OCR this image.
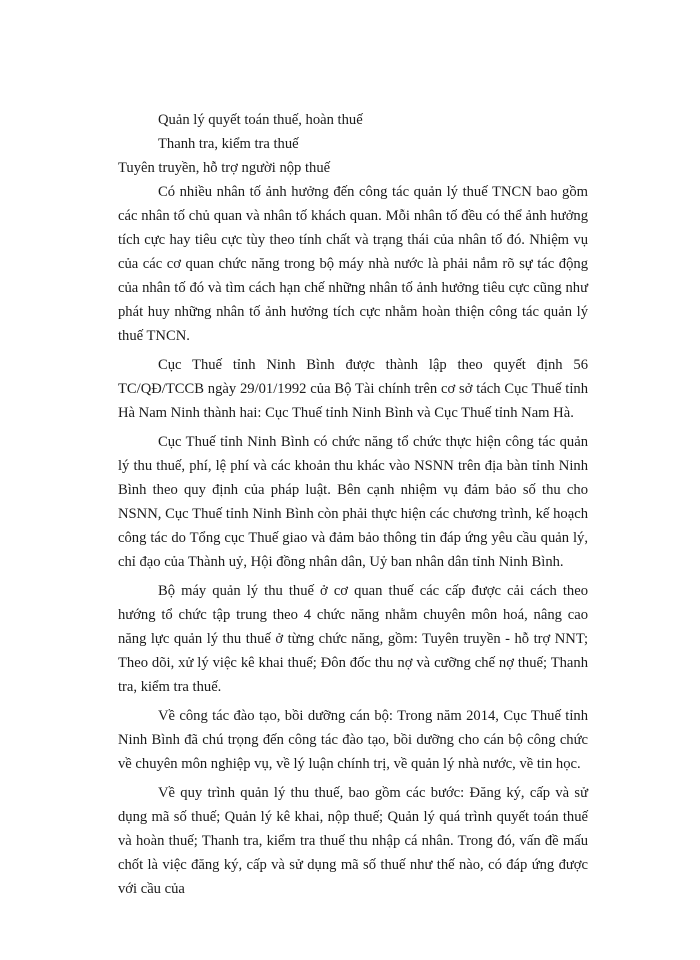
Quản lý quyết toán thuế, hoàn thuế

Thanh tra, kiểm tra thuế

Tuyên truyền, hỗ trợ người nộp thuế

Có nhiều nhân tố ảnh hưởng đến công tác quản lý thuế TNCN bao gồm các nhân tố chủ quan và nhân tố khách quan. Mỗi nhân tố đều có thể ảnh hưởng tích cực hay tiêu cực tùy theo tính chất và trạng thái của nhân tố đó. Nhiệm vụ của các cơ quan chức năng trong bộ máy nhà nước là phải nắm rõ sự tác động của nhân tố đó và tìm cách hạn chế những nhân tố ảnh hưởng tiêu cực cũng như phát huy những nhân tố ảnh hưởng tích cực nhằm hoàn thiện công tác quản lý thuế TNCN.

Cục Thuế tỉnh Ninh Bình được thành lập theo quyết định 56 TC/QĐ/TCCB ngày 29/01/1992 của Bộ Tài chính trên cơ sở tách Cục Thuế tỉnh Hà Nam Ninh thành hai: Cục Thuế tỉnh Ninh Bình và Cục Thuế tỉnh Nam Hà.

Cục Thuế tỉnh Ninh Bình có chức năng tổ chức thực hiện công tác quản lý thu thuế, phí, lệ phí và các khoản thu khác vào NSNN trên địa bàn tỉnh Ninh Bình theo quy định của pháp luật. Bên cạnh nhiệm vụ đảm bảo số thu cho NSNN, Cục Thuế tỉnh Ninh Bình còn phải thực hiện các chương trình, kế hoạch công tác do Tổng cục Thuế giao và đảm bảo thông tin đáp ứng yêu cầu quản lý, chỉ đạo của Thành uỷ, Hội đồng nhân dân, Uỷ ban nhân dân tỉnh Ninh Bình.

Bộ máy quản lý thu thuế ở cơ quan thuế các cấp được cải cách theo hướng tổ chức tập trung theo 4 chức năng nhằm chuyên môn hoá, nâng cao năng lực quản lý thu thuế ở từng chức năng, gồm: Tuyên truyền - hỗ trợ NNT; Theo dõi, xử lý việc kê khai thuế; Đôn đốc thu nợ và cưỡng chế nợ thuế; Thanh tra, kiểm tra thuế.

Về công tác đào tạo, bồi dưỡng cán bộ: Trong năm 2014, Cục Thuế tỉnh Ninh Bình đã chú trọng đến công tác đào tạo, bồi dưỡng cho cán bộ công chức về chuyên môn nghiệp vụ, về lý luận chính trị, về quản lý nhà nước, về tin học.

Về quy trình quản lý thu thuế, bao gồm các bước: Đăng ký, cấp và sử dụng mã số thuế; Quản lý kê khai, nộp thuế; Quản lý quá trình quyết toán thuế và hoàn thuế; Thanh tra, kiểm tra thuế thu nhập cá nhân. Trong đó, vấn đề mấu chốt là việc đăng ký, cấp và sử dụng mã số thuế như thế nào, có đáp ứng được với cầu của
